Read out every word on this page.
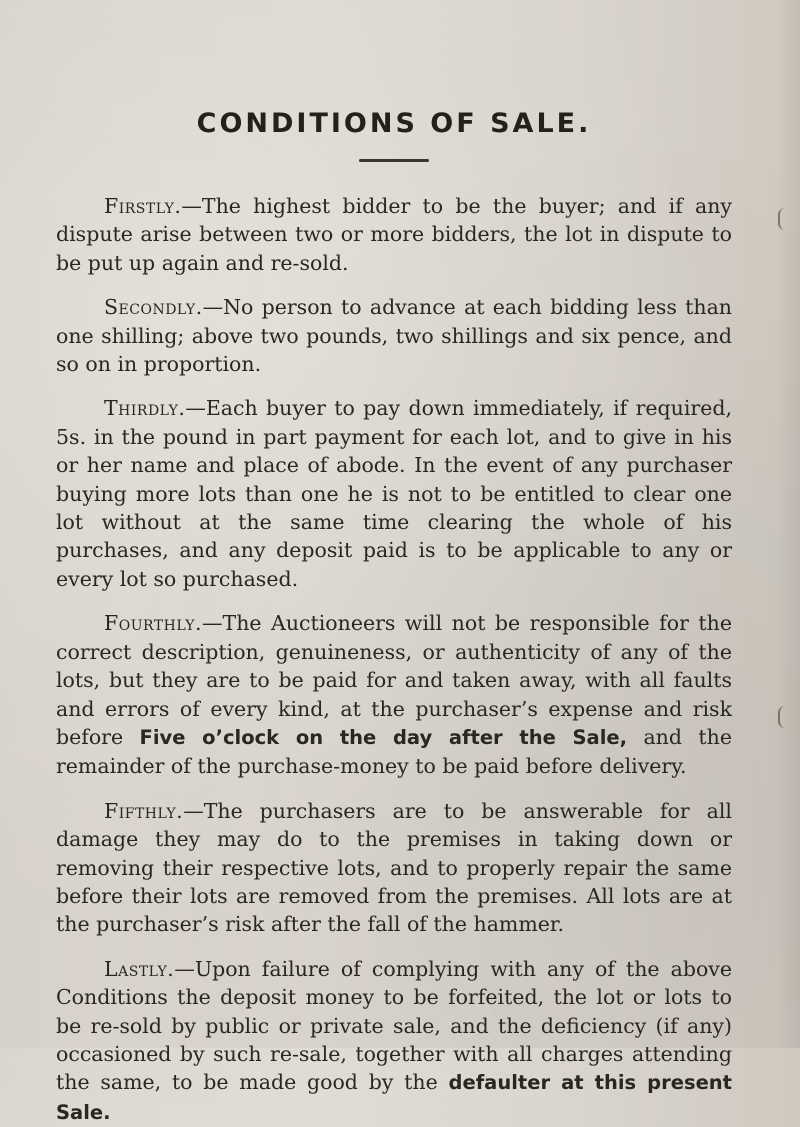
CONDITIONS OF SALE.

Firstly.—The highest bidder to be the buyer; and if any dispute arise between two or more bidders, the lot in dispute to be put up again and re-sold.

Secondly.—No person to advance at each bidding less than one shilling; above two pounds, two shillings and six pence, and so on in proportion.

Thirdly.—Each buyer to pay down immediately, if required, 5s. in the pound in part payment for each lot, and to give in his or her name and place of abode. In the event of any purchaser buying more lots than one he is not to be entitled to clear one lot without at the same time clearing the whole of his purchases, and any deposit paid is to be applicable to any or every lot so purchased.

Fourthly.—The Auctioneers will not be responsible for the correct description, genuineness, or authenticity of any of the lots, but they are to be paid for and taken away, with all faults and errors of every kind, at the purchaser’s expense and risk before Five o’clock on the day after the Sale, and the remainder of the purchase-money to be paid before delivery.

Fifthly.—The purchasers are to be answerable for all damage they may do to the premises in taking down or removing their respective lots, and to properly repair the same before their lots are removed from the premises. All lots are at the purchaser’s risk after the fall of the hammer.

Lastly.—Upon failure of complying with any of the above Conditions the deposit money to be forfeited, the lot or lots to be re-sold by public or private sale, and the deficiency (if any) occasioned by such re-sale, together with all charges attending the same, to be made good by the defaulter at this present Sale.
